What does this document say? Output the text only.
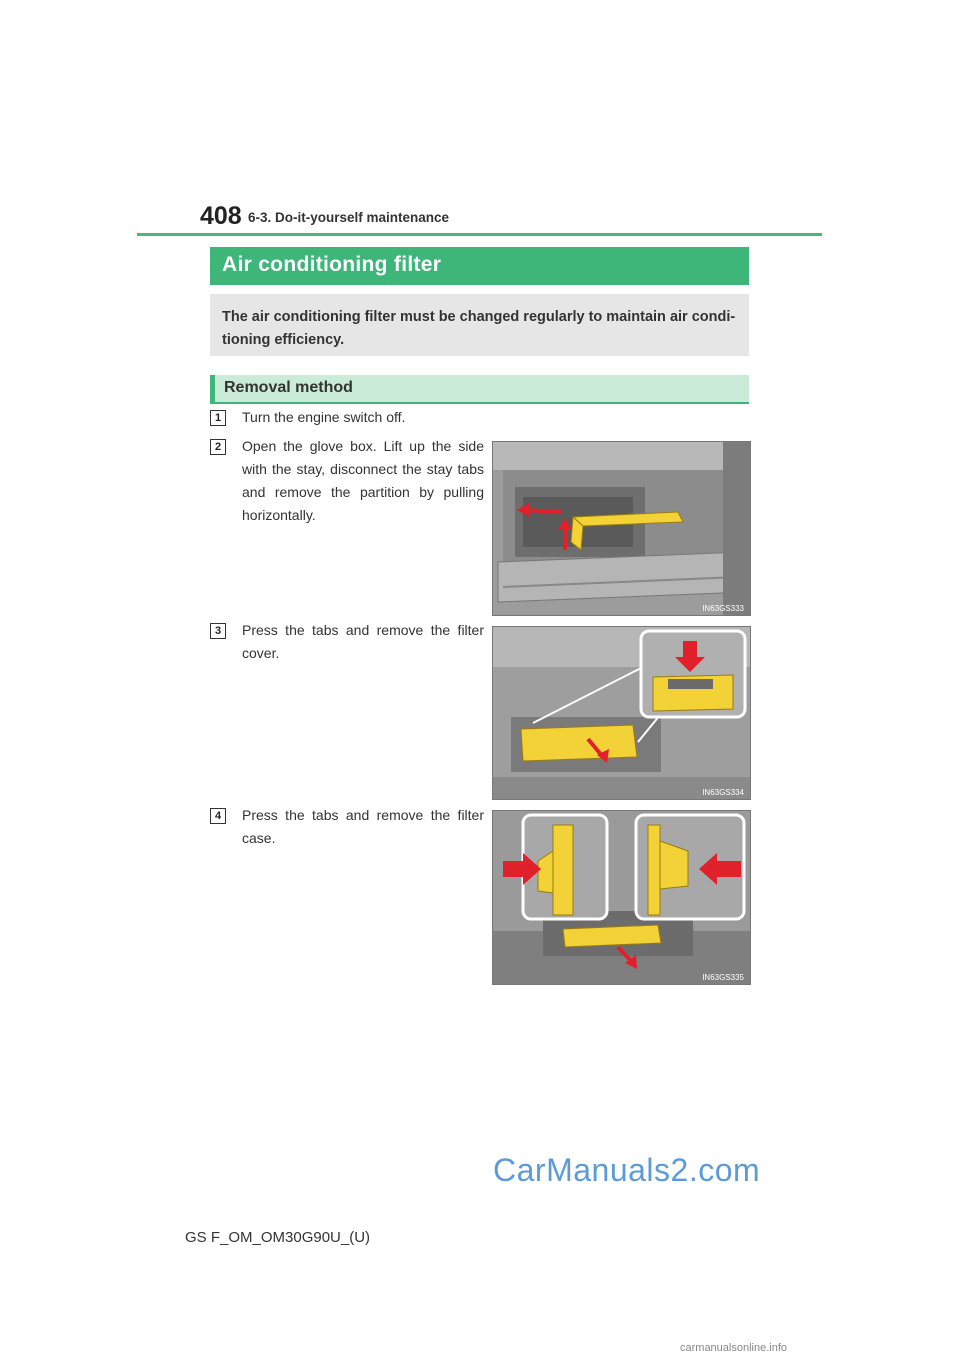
408 6-3. Do-it-yourself maintenance
Air conditioning filter

The air conditioning filter must be changed regularly to maintain air condi-tioning efficiency.

Removal method
1	Turn the engine switch off.

2	Open the glove box. Lift up the side with the stay, disconnect the stay tabs and remove the partition by pulling horizontally.

IN63GS333
3	Press the tabs and remove the filter cover.

IN63GS334
4	Press the tabs and remove the filter case.

IN63GS335
CarManuals2.com
GS F_OM_OM30G90U_(U)
carmanualsonline.info
